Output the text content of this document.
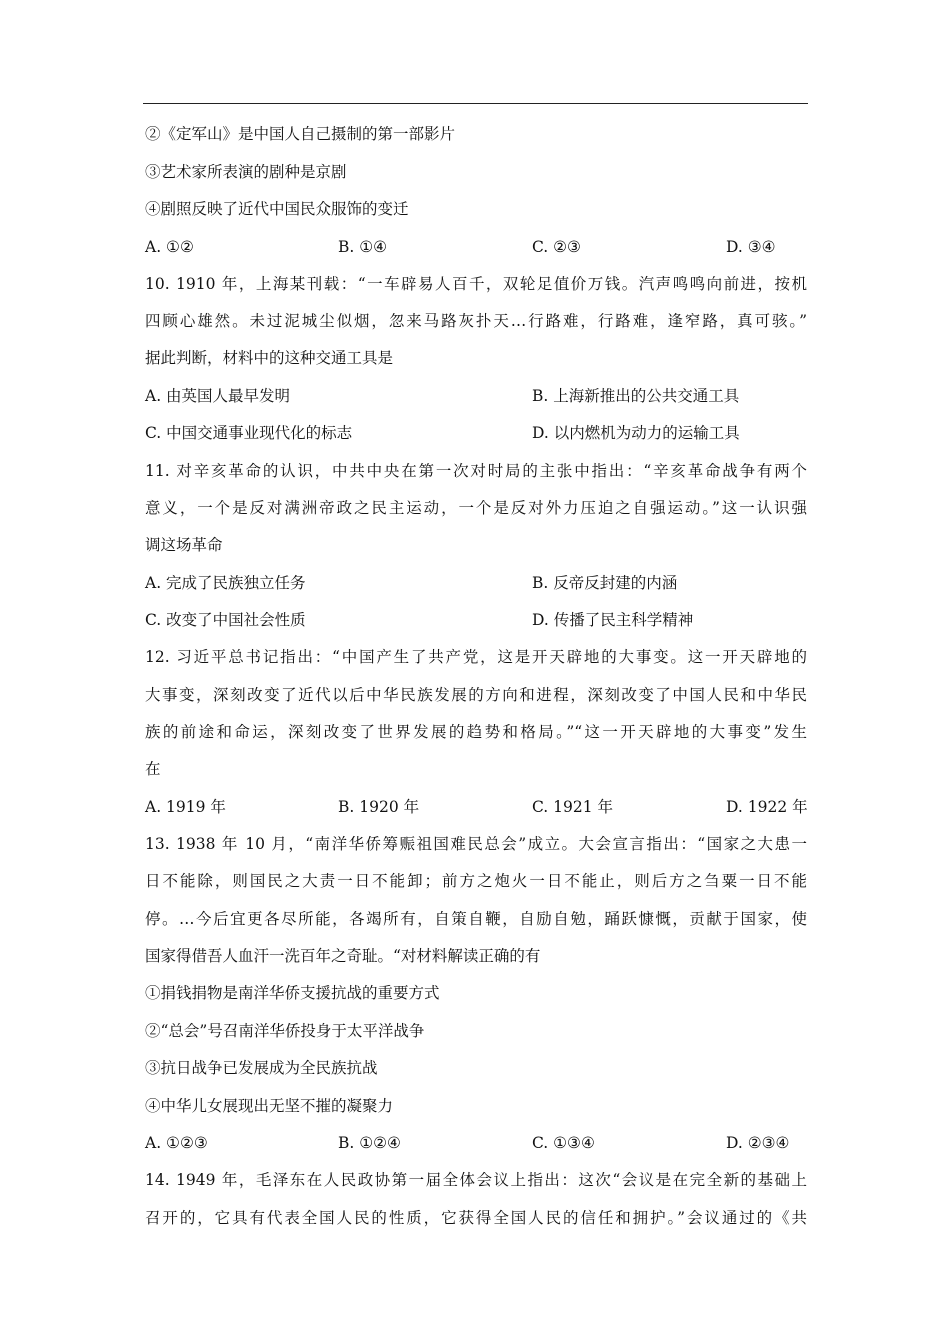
②《定军山》是中国人自己摄制的第一部影片
③艺术家所表演的剧种是京剧
④剧照反映了近代中国民众服饰的变迁
A. ①②	B. ①④	C. ②③	D. ③④
10. 1910 年，上海某刊载：“一车辟易人百千，双轮足值价万钱。汽声鸣鸣向前进，按机
四顾心雄然。未过泥城尘似烟，忽来马路灰扑天…行路难，行路难，逢窄路，真可骇。”
据此判断，材料中的这种交通工具是
A. 由英国人最早发明	B. 上海新推出的公共交通工具
C. 中国交通事业现代化的标志	D. 以内燃机为动力的运输工具
11. 对辛亥革命的认识，中共中央在第一次对时局的主张中指出：“辛亥革命战争有两个
意义，一个是反对满洲帝政之民主运动，一个是反对外力压迫之自强运动。”这一认识强
调这场革命
A. 完成了民族独立任务	B. 反帝反封建的内涵
C. 改变了中国社会性质	D. 传播了民主科学精神
12. 习近平总书记指出：“中国产生了共产党，这是开天辟地的大事变。这一开天辟地的
大事变，深刻改变了近代以后中华民族发展的方向和进程，深刻改变了中国人民和中华民
族的前途和命运，深刻改变了世界发展的趋势和格局。”“这一开天辟地的大事变”发生
在
A. 1919 年	B. 1920 年	C. 1921 年	D. 1922 年
13. 1938 年 10 月，“南洋华侨筹赈祖国难民总会”成立。大会宣言指出：“国家之大患一
日不能除，则国民之大责一日不能卸；前方之炮火一日不能止，则后方之刍粟一日不能
停。…今后宜更各尽所能，各竭所有，自策自鞭，自励自勉，踊跃慷慨，贡献于国家，使
国家得借吾人血汗一洗百年之奇耻。“对材料解读正确的有
①捐钱捐物是南洋华侨支援抗战的重要方式
②“总会”号召南洋华侨投身于太平洋战争
③抗日战争已发展成为全民族抗战
④中华儿女展现出无坚不摧的凝聚力
A. ①②③	B. ①②④	C. ①③④	D. ②③④
14. 1949 年，毛泽东在人民政协第一届全体会议上指出：这次“会议是在完全新的基础上
召开的，它具有代表全国人民的性质，它获得全国人民的信任和拥护。”会议通过的《共
